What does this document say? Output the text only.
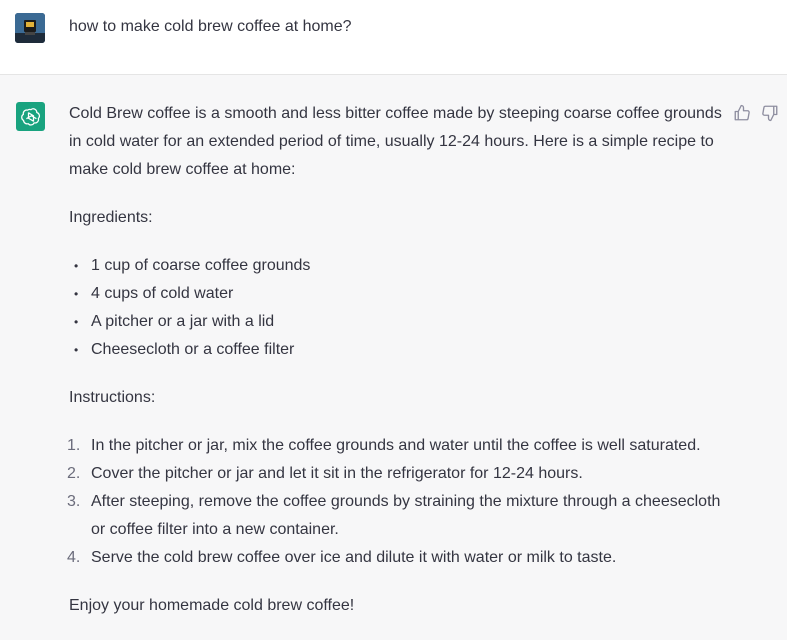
how to make cold brew coffee at home?

Cold Brew coffee is a smooth and less bitter coffee made by steeping coarse coffee grounds in cold water for an extended period of time, usually 12-24 hours. Here is a simple recipe to make cold brew coffee at home:

Ingredients:

• 1 cup of coarse coffee grounds
• 4 cups of cold water
• A pitcher or a jar with a lid
• Cheesecloth or a coffee filter

Instructions:

1. In the pitcher or jar, mix the coffee grounds and water until the coffee is well saturated.
2. Cover the pitcher or jar and let it sit in the refrigerator for 12-24 hours.
3. After steeping, remove the coffee grounds by straining the mixture through a cheesecloth or coffee filter into a new container.
4. Serve the cold brew coffee over ice and dilute it with water or milk to taste.

Enjoy your homemade cold brew coffee!
